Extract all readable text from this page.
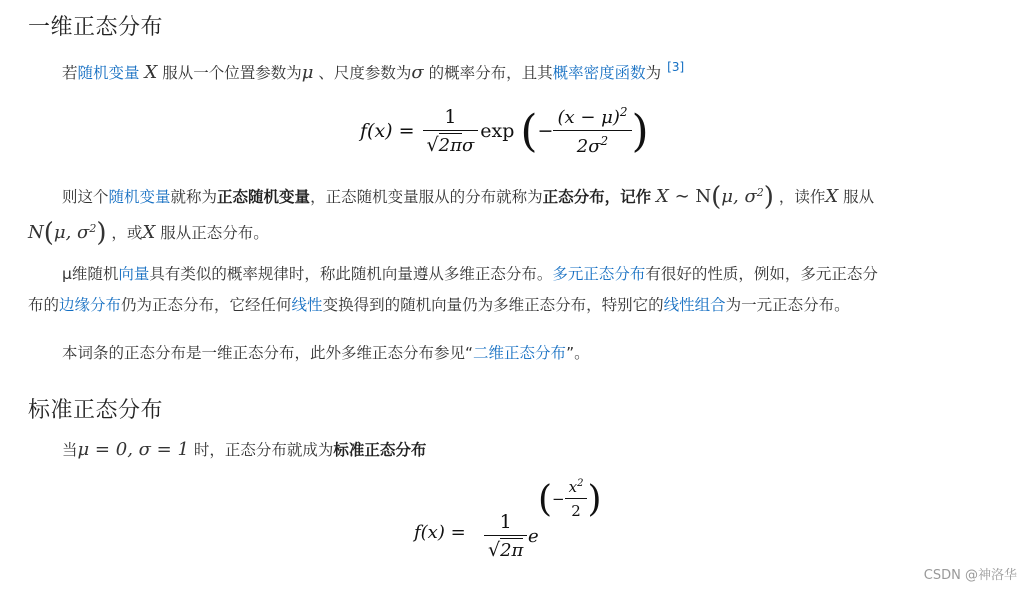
一维正态分布
若随机变量 X 服从一个位置参数为μ 、尺度参数为σ 的概率分布，且其概率密度函数为 [3]
$f(x) = \frac{1}{√2\pi\sigma}$ exp ( − $\frac{(x - \mu)^2}{2\sigma^2}$ )
则这个随机变量就称为正态随机变量，正态随机变量服从的分布就称为正态分布，记作 X ∼ N(μ, $\sigma^2$) ，读作X 服从
N(μ, $\sigma^2$) ，或X 服从正态分布。
μ维随机向量具有类似的概率规律时，称此随机向量遵从多维正态分布。多元正态分布有很好的性质，例如，多元正态分
布的边缘分布仍为正态分布，它经任何线性变换得到的随机向量仍为多维正态分布，特别它的线性组合为一元正态分布。
本词条的正态分布是一维正态分布，此外多维正态分布参见“二维正态分布”。
标准正态分布
当μ = 0, σ = 1 时，正态分布就成为标准正态分布
$f(x) = \frac{1}{√2\pi}$ e
( − $\frac{x^2}{2}$ )
CSDN @神洛华
